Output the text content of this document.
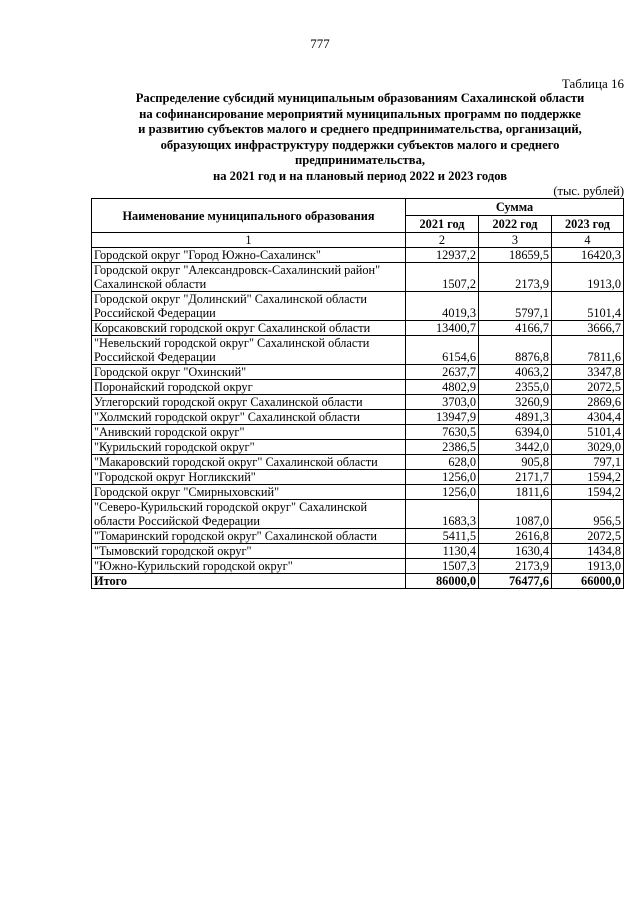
777
Таблица 16
Распределение субсидий муниципальным образованиям Сахалинской области
на софинансирование мероприятий муниципальных программ по поддержке
и развитию субъектов малого и среднего предпринимательства, организаций,
образующих инфраструктуру поддержки субъектов малого и среднего
предпринимательства,
на 2021 год и на плановый период 2022 и 2023 годов
(тыс. рублей)
Наименование муниципального образования	Сумма		
	2021 год	2022 год	2023 год
1	2	3	4
Городской округ "Город Южно-Сахалинск"	12937,2	18659,5	16420,3
Городской округ "Александровск-Сахалинский район" Сахалинской области	1507,2	2173,9	1913,0
Городской округ "Долинский" Сахалинской области Российской Федерации	4019,3	5797,1	5101,4
Корсаковский городской округ Сахалинской области	13400,7	4166,7	3666,7
"Невельский городской округ" Сахалинской области Российской Федерации	6154,6	8876,8	7811,6
Городской округ "Охинский"	2637,7	4063,2	3347,8
Поронайский городской округ	4802,9	2355,0	2072,5
Углегорский городской округ Сахалинской области	3703,0	3260,9	2869,6
"Холмский городской округ" Сахалинской области	13947,9	4891,3	4304,4
"Анивский городской округ"	7630,5	6394,0	5101,4
"Курильский городской округ"	2386,5	3442,0	3029,0
"Макаровский городской округ" Сахалинской области	628,0	905,8	797,1
"Городской округ Ногликский"	1256,0	2171,7	1594,2
Городской округ "Смирныховский"	1256,0	1811,6	1594,2
"Северо-Курильский городской округ" Сахалинской области Российской Федерации	1683,3	1087,0	956,5
"Томаринский городской округ" Сахалинской области	5411,5	2616,8	2072,5
"Тымовский городской округ"	1130,4	1630,4	1434,8
"Южно-Курильский городской округ"	1507,3	2173,9	1913,0
Итого	86000,0	76477,6	66000,0
